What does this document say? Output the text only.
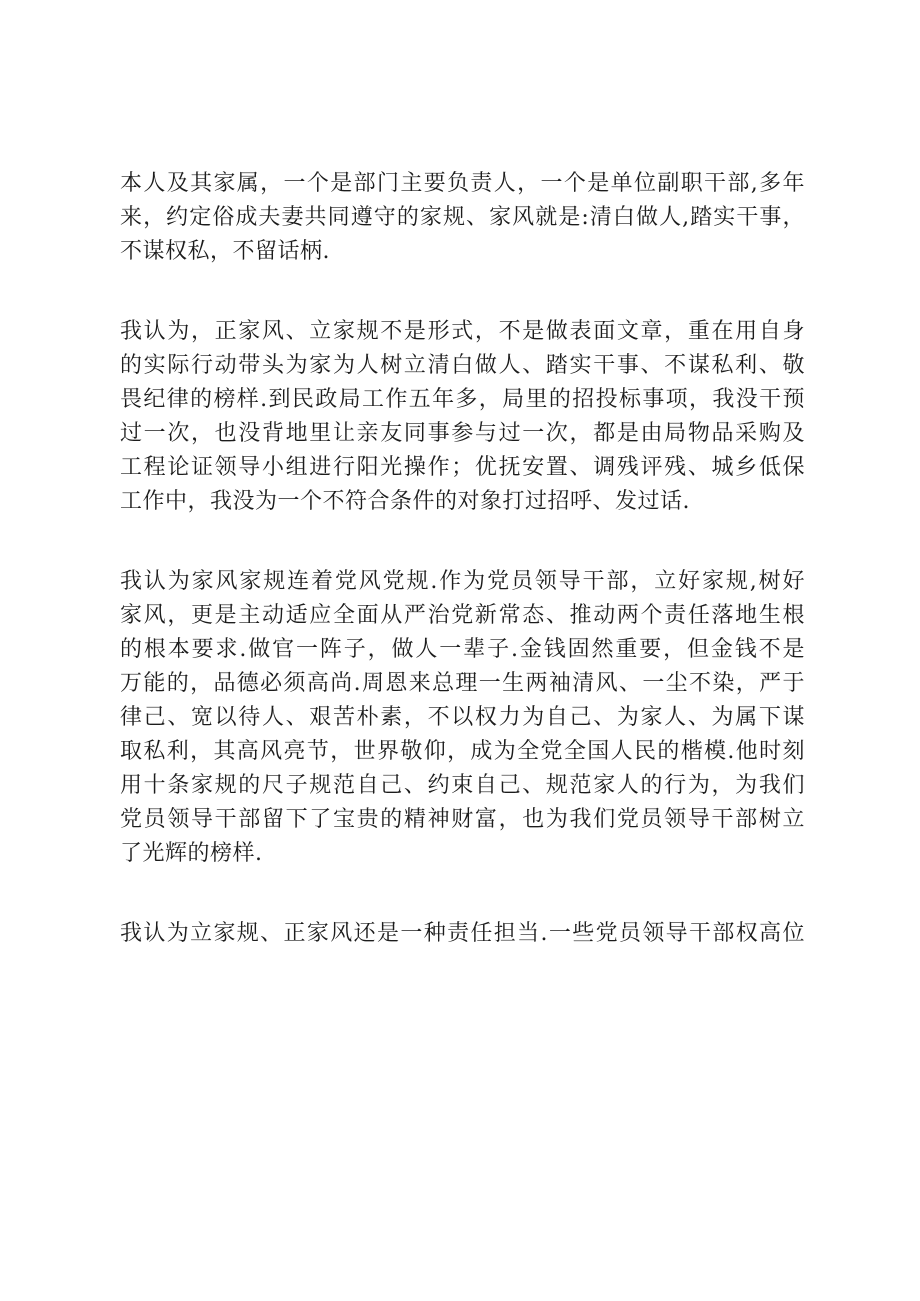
本人及其家属，一个是部门主要负责人，一个是单位副职干部,多年
来，约定俗成夫妻共同遵守的家规、家风就是:清白做人,踏实干事，
不谋权私，不留话柄.
我认为，正家风、立家规不是形式，不是做表面文章，重在用自身
的实际行动带头为家为人树立清白做人、踏实干事、不谋私利、敬
畏纪律的榜样.到民政局工作五年多，局里的招投标事项，我没干预
过一次，也没背地里让亲友同事参与过一次，都是由局物品采购及
工程论证领导小组进行阳光操作；优抚安置、调残评残、城乡低保
工作中，我没为一个不符合条件的对象打过招呼、发过话.
我认为家风家规连着党风党规.作为党员领导干部，立好家规,树好
家风，更是主动适应全面从严治党新常态、推动两个责任落地生根
的根本要求.做官一阵子，做人一辈子.金钱固然重要，但金钱不是
万能的，品德必须高尚.周恩来总理一生两袖清风、一尘不染，严于
律己、宽以待人、艰苦朴素，不以权力为自己、为家人、为属下谋
取私利，其高风亮节，世界敬仰，成为全党全国人民的楷模.他时刻
用十条家规的尺子规范自己、约束自己、规范家人的行为，为我们
党员领导干部留下了宝贵的精神财富，也为我们党员领导干部树立
了光辉的榜样.
我认为立家规、正家风还是一种责任担当.一些党员领导干部权高位
